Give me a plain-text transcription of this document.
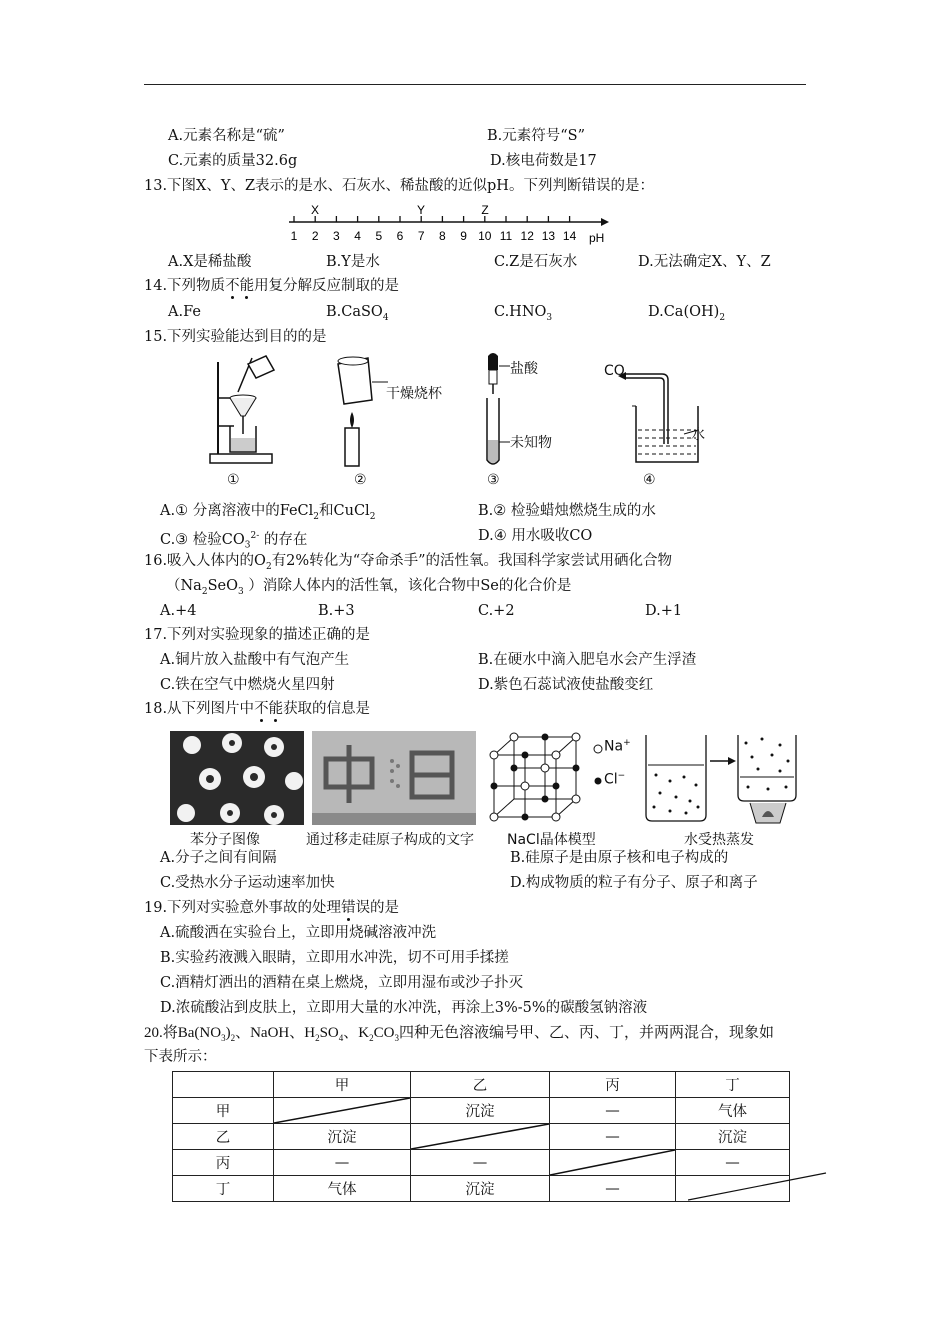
A.元素名称是“硫”	B.元素符号“S”
C.元素的质量32.6g	D.核电荷数是17
13.下图X、Y、Z表示的是水、石灰水、稀盐酸的近似pH。下列判断错误的是：
1 2 3 4 5 6 7 8 9 10 11 12 13 14
X	Y	Z
pH
A.X是稀盐酸	B.Y是水	C.Z是石灰水	D.无法确定X、Y、Z
14.下列物质不能用复分解反应制取的是
A.Fe	B.CaSO$_4$	$C.HNO_3$	$D.Ca(OH)_2$
15.下列实验能达到目的的是
①
干燥烧杯
②
盐酸
未知物
③
CO
水
④
A.① 分离溶液中的FeCl$_2$和CuCl$_2$	B.② 检验蜡烛燃烧生成的水
C.③ 检验$CO_3^{2-}$ 的存在	D.④ 用水吸收CO
16.吸入人体内的$O_2$有2%转化为“夺命杀手”的活性氧。我国科学家尝试用硒化合物
（$Na_2SeO_3$ ）消除人体内的活性氧，该化合物中Se的化合价是
A.+4	B.+3	C.+2	D.+1
17.下列对实验现象的描述正确的是
A.铜片放入盐酸中有气泡产生	B.在硬水中滴入肥皂水会产生浮渣
C.铁在空气中燃烧火星四射	D.紫色石蕊试液使盐酸变红
18.从下列图片中不能获取的信息是
苯分子图像	通过移走硅原子构成的文字
Na+
Cl−
NaCl晶体模型	水受热蒸发
A.分子之间有间隔	B.硅原子是由原子核和电子构成的
C.受热水分子运动速率加快	D.构成物质的粒子有分子、原子和离子
19.下列对实验意外事故的处理错误的是
A.硫酸洒在实验台上，立即用烧碱溶液冲洗
B.实验药液溅入眼睛，立即用水冲洗，切不可用手揉搓
C.酒精灯洒出的酒精在桌上燃烧，立即用湿布或沙子扑灭
D.浓硫酸沾到皮肤上，立即用大量的水冲洗，再涂上3%-5%的碳酸氢钠溶液
20.将$Ba(NO_3)_2$、NaOH、$H_2SO_4$、$K_2CO_3$四种无色溶液编号甲、乙、丙、丁，并两两混合，现象如
下表所示：
	甲	乙	丙	丁
甲		沉淀	—	气体
乙	沉淀		—	沉淀
丙	—	—		—
丁	气体	沉淀	—	
